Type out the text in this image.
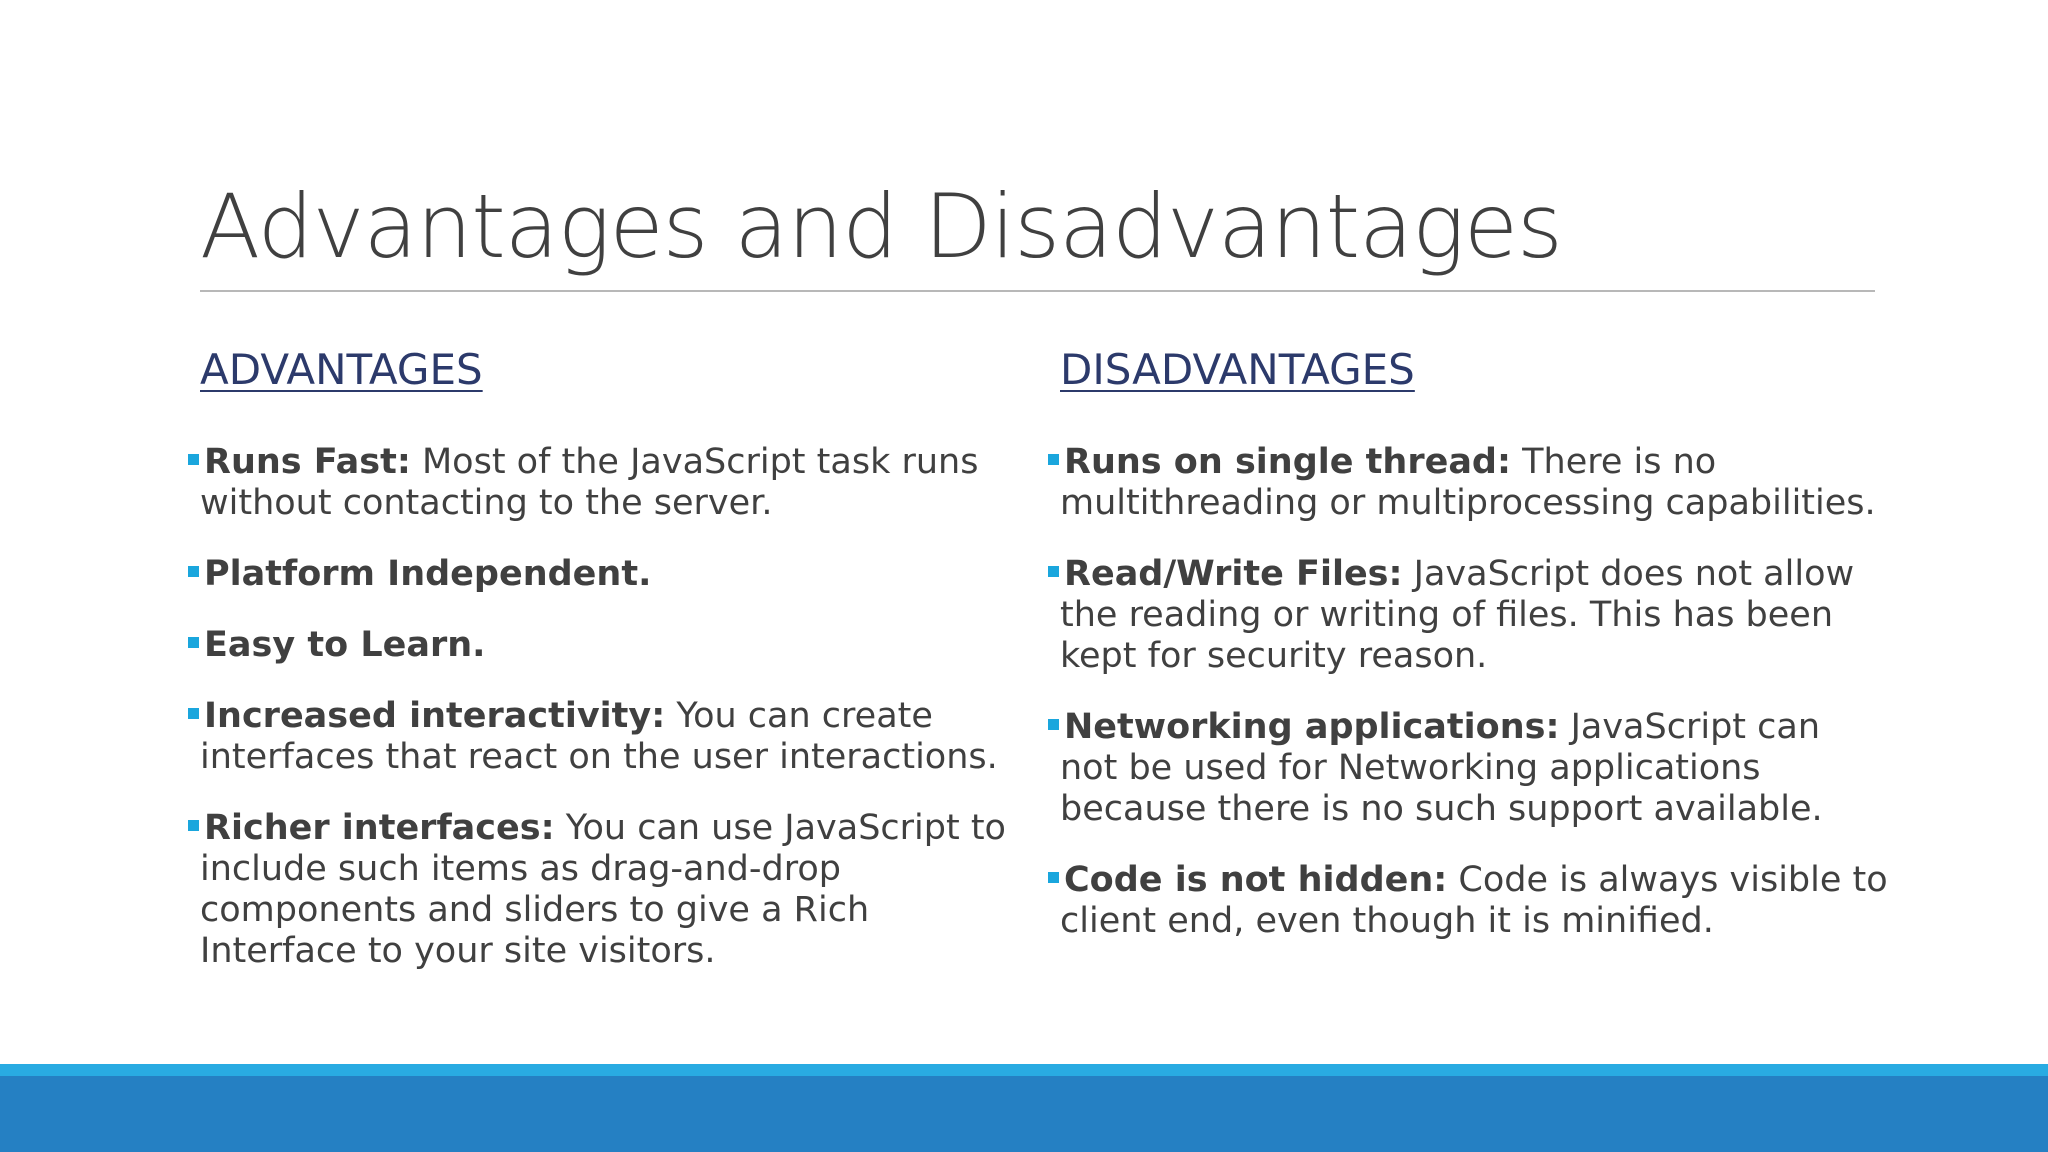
Advantages and Disadvantages
ADVANTAGES
Runs Fast: Most of the JavaScript task runs without contacting to the server.
Platform Independent.
Easy to Learn.
Increased interactivity: You can create interfaces that react on the user interactions.
Richer interfaces: You can use JavaScript to include such items as drag-and-drop components and sliders to give a Rich Interface to your site visitors.
DISADVANTAGES
Runs on single thread: There is no multithreading or multiprocessing capabilities.
Read/Write Files: JavaScript does not allow the reading or writing of files. This has been kept for security reason.
Networking applications: JavaScript can not be used for Networking applications because there is no such support available.
Code is not hidden: Code is always visible to client end, even though it is minified.
